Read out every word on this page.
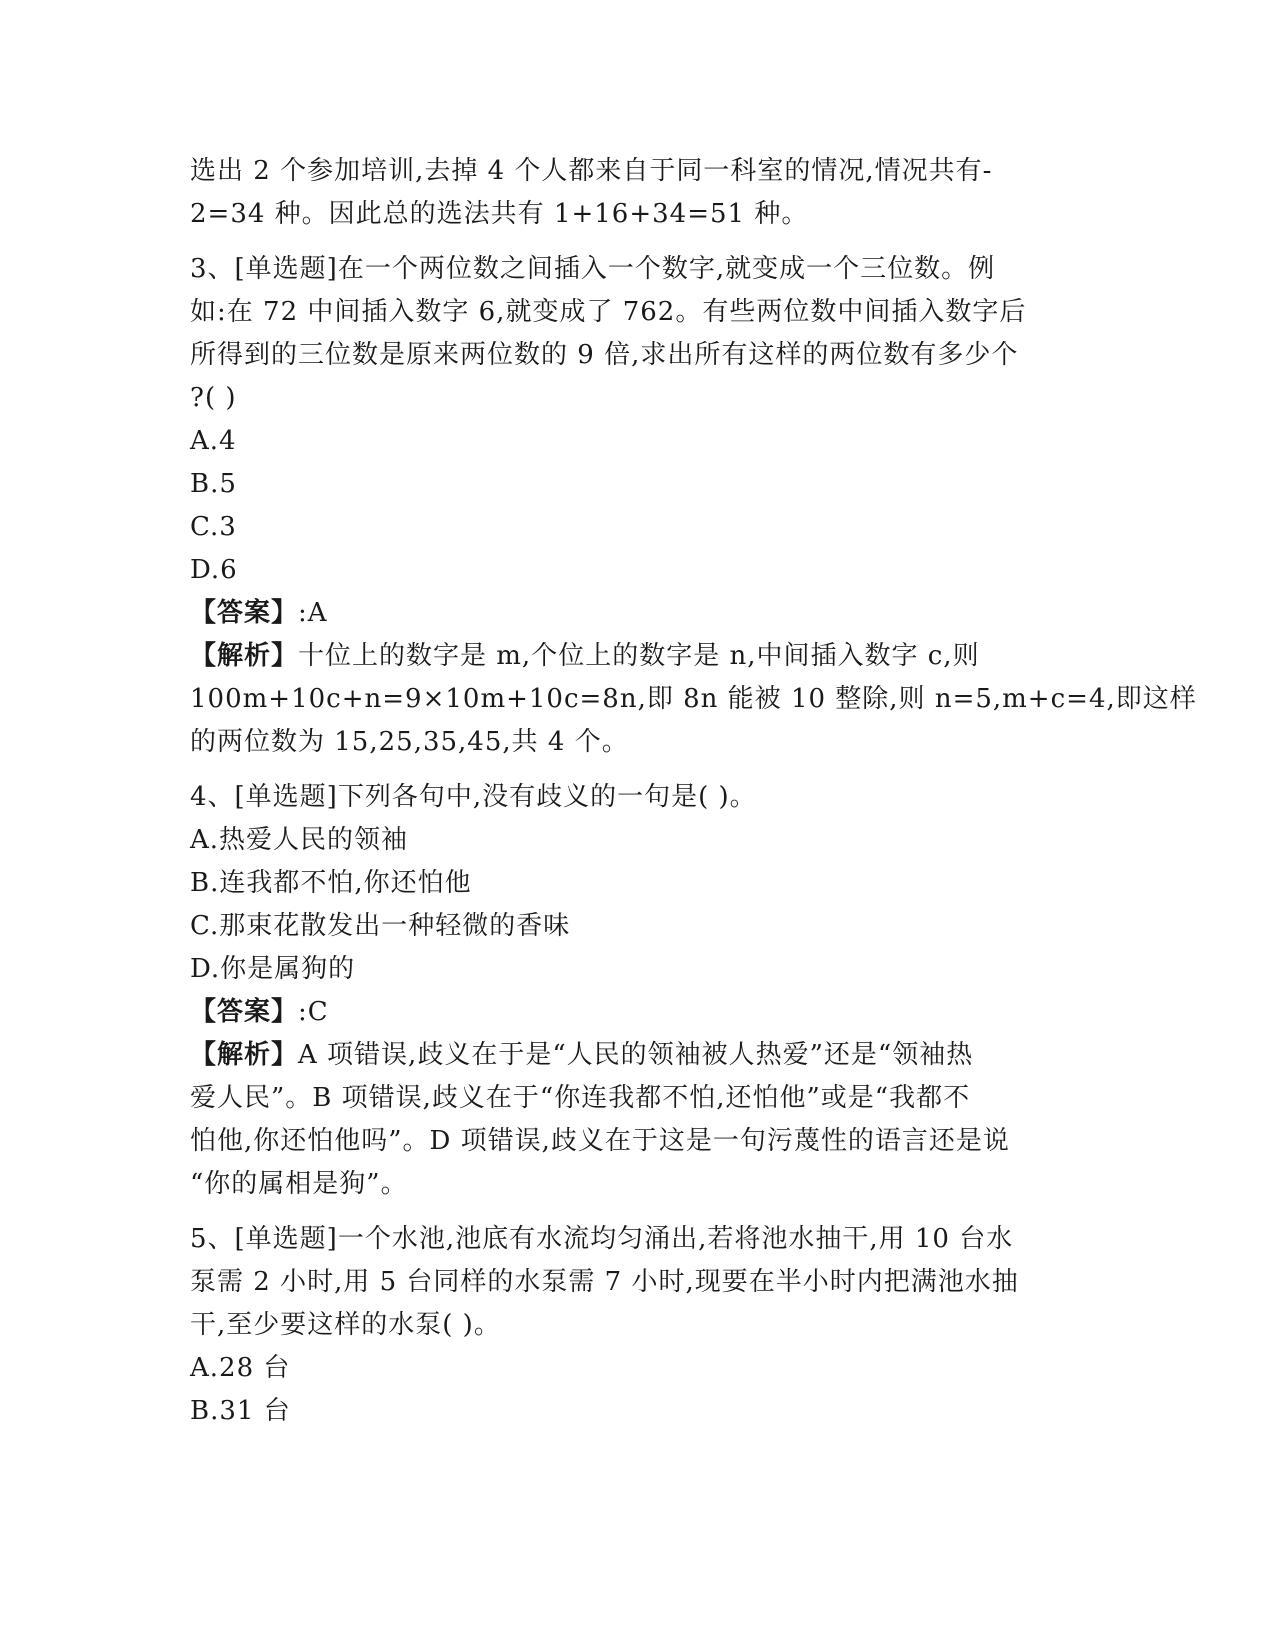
选出 2 个参加培训,去掉 4 个人都来自于同一科室的情况,情况共有-
2=34 种。因此总的选法共有 1+16+34=51 种。
3、[单选题]在一个两位数之间插入一个数字,就变成一个三位数。例
如:在 72 中间插入数字 6,就变成了 762。有些两位数中间插入数字后
所得到的三位数是原来两位数的 9 倍,求出所有这样的两位数有多少个
?( )
A.4
B.5
C.3
D.6
【答案】:A
【解析】十位上的数字是 m,个位上的数字是 n,中间插入数字 c,则
100m+10c+n=9×10m+10c=8n,即 8n 能被 10 整除,则 n=5,m+c=4,即这样
的两位数为 15,25,35,45,共 4 个。
4、[单选题]下列各句中,没有歧义的一句是( )。
A.热爱人民的领袖
B.连我都不怕,你还怕他
C.那束花散发出一种轻微的香味
D.你是属狗的
【答案】:C
【解析】A 项错误,歧义在于是“人民的领袖被人热爱”还是“领袖热
爱人民”。B 项错误,歧义在于“你连我都不怕,还怕他”或是“我都不
怕他,你还怕他吗”。D 项错误,歧义在于这是一句污蔑性的语言还是说
“你的属相是狗”。
5、[单选题]一个水池,池底有水流均匀涌出,若将池水抽干,用 10 台水
泵需 2 小时,用 5 台同样的水泵需 7 小时,现要在半小时内把满池水抽
干,至少要这样的水泵( )。
A.28 台
B.31 台
